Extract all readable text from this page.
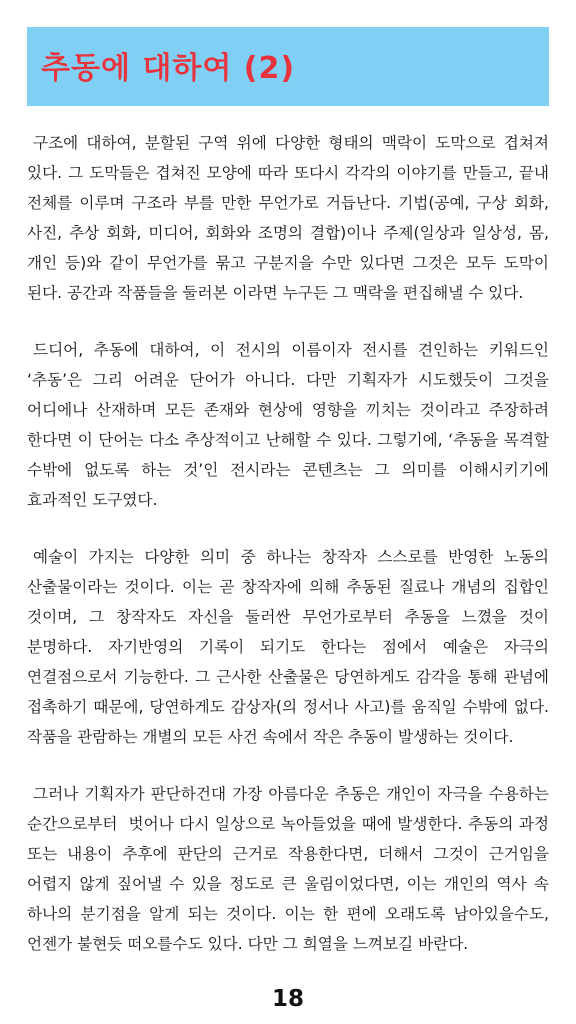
추동에 대하여 (2)

구조에 대하여, 분할된 구역 위에 다양한 형태의 맥락이 도막으로 겹쳐져 있다. 그 도막들은 겹쳐진 모양에 따라 또다시 각각의 이야기를 만들고, 끝내 전체를 이루며 구조라 부를 만한 무언가로 거듭난다. 기법(공예, 구상 회화, 사진, 추상 회화, 미디어, 회화와 조명의 결합)이나 주제(일상과 일상성, 몸, 개인 등)와 같이 무언가를 묶고 구분지을 수만 있다면 그것은 모두 도막이 된다. 공간과 작품들을 둘러본 이라면 누구든 그 맥락을 편집해낼 수 있다.

드디어, 추동에 대하여, 이 전시의 이름이자 전시를 견인하는 키워드인 ‘추동’은 그리 어려운 단어가 아니다. 다만 기획자가 시도했듯이 그것을 어디에나 산재하며 모든 존재와 현상에 영향을 끼치는 것이라고 주장하려 한다면 이 단어는 다소 추상적이고 난해할 수 있다. 그렇기에, ‘추동을 목격할 수밖에 없도록 하는 것’인 전시라는 콘텐츠는 그 의미를 이해시키기에 효과적인 도구였다.

예술이 가지는 다양한 의미 중 하나는 창작자 스스로를 반영한 노동의 산출물이라는 것이다. 이는 곧 창작자에 의해 추동된 질료나 개념의 집합인 것이며, 그 창작자도 자신을 둘러싼 무언가로부터 추동을 느꼈을 것이 분명하다. 자기반영의 기록이 되기도 한다는 점에서 예술은 자극의 연결점으로서 기능한다. 그 근사한 산출물은 당연하게도 감각을 통해 관념에 접촉하기 때문에, 당연하게도 감상자(의 정서나 사고)를 움직일 수밖에 없다. 작품을 관람하는 개별의 모든 사건 속에서 작은 추동이 발생하는 것이다.

그러나 기획자가 판단하건대 가장 아름다운 추동은 개인이 자극을 수용하는 순간으로부터  벗어나 다시 일상으로 녹아들었을 때에 발생한다. 추동의 과정 또는 내용이 추후에 판단의 근거로 작용한다면, 더해서 그것이 근거임을 어렵지 않게 짚어낼 수 있을 정도로 큰 울림이었다면, 이는 개인의 역사 속 하나의 분기점을 알게 되는 것이다. 이는 한 편에 오래도록 남아있을수도, 언젠가 불현듯 떠오를수도 있다. 다만 그 희열을 느껴보길 바란다.

18
